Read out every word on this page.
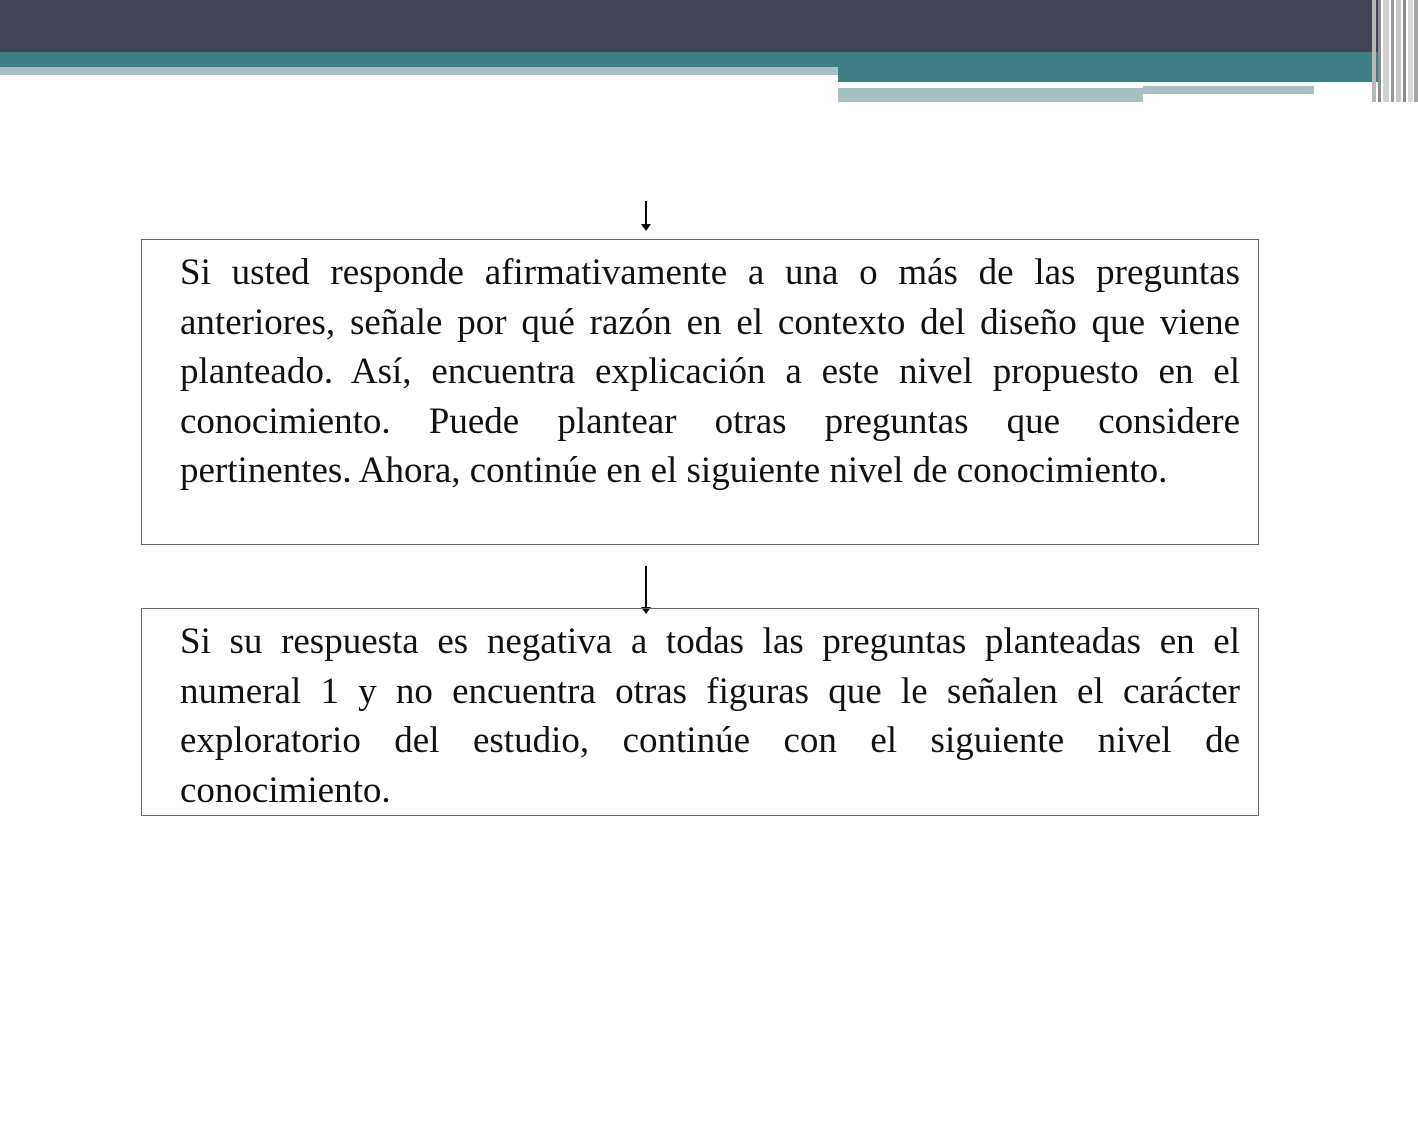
Si usted responde afirmativamente a una o más de las preguntas anteriores, señale por qué razón en el contexto del diseño que viene planteado. Así, encuentra explicación a este nivel propuesto en el conocimiento. Puede plantear otras preguntas que considere pertinentes. Ahora, continúe en el siguiente nivel de conocimiento.

Si su respuesta es negativa a todas las preguntas planteadas en el numeral 1 y no encuentra otras figuras que le señalen el carácter exploratorio del estudio, continúe con el siguiente nivel de conocimiento.
